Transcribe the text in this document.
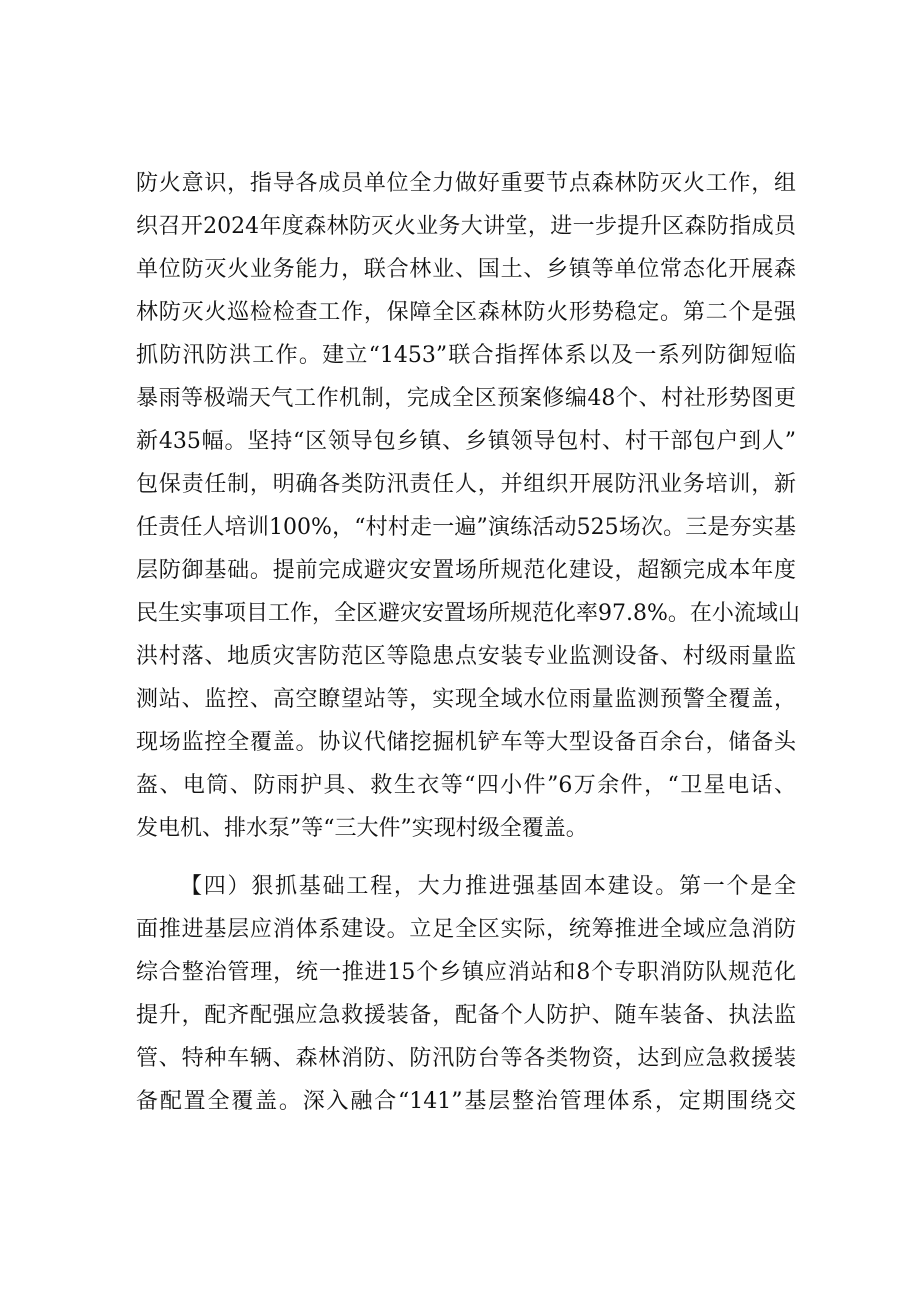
防火意识，指导各成员单位全力做好重要节点森林防灭火工作，组
织召开2024年度森林防灭火业务大讲堂，进一步提升区森防指成员
单位防灭火业务能力，联合林业、国土、乡镇等单位常态化开展森
林防灭火巡检检查工作，保障全区森林防火形势稳定。第二个是强
抓防汛防洪工作。建立“1453”联合指挥体系以及一系列防御短临
暴雨等极端天气工作机制，完成全区预案修编48个、村社形势图更
新435幅。坚持“区领导包乡镇、乡镇领导包村、村干部包户到人”
包保责任制，明确各类防汛责任人，并组织开展防汛业务培训，新
任责任人培训100%，“村村走一遍”演练活动525场次。三是夯实基
层防御基础。提前完成避灾安置场所规范化建设，超额完成本年度
民生实事项目工作，全区避灾安置场所规范化率97.8%。在小流域山
洪村落、地质灾害防范区等隐患点安装专业监测设备、村级雨量监
测站、监控、高空瞭望站等，实现全域水位雨量监测预警全覆盖，
现场监控全覆盖。协议代储挖掘机铲车等大型设备百余台，储备头
盔、电筒、防雨护具、救生衣等“四小件”6万余件，“卫星电话、
发电机、排水泵”等“三大件”实现村级全覆盖。
【四）狠抓基础工程，大力推进强基固本建设。第一个是全
面推进基层应消体系建设。立足全区实际，统筹推进全域应急消防
综合整治管理，统一推进15个乡镇应消站和8个专职消防队规范化
提升，配齐配强应急救援装备，配备个人防护、随车装备、执法监
管、特种车辆、森林消防、防汛防台等各类物资，达到应急救援装
备配置全覆盖。深入融合“141”基层整治管理体系，定期围绕交
